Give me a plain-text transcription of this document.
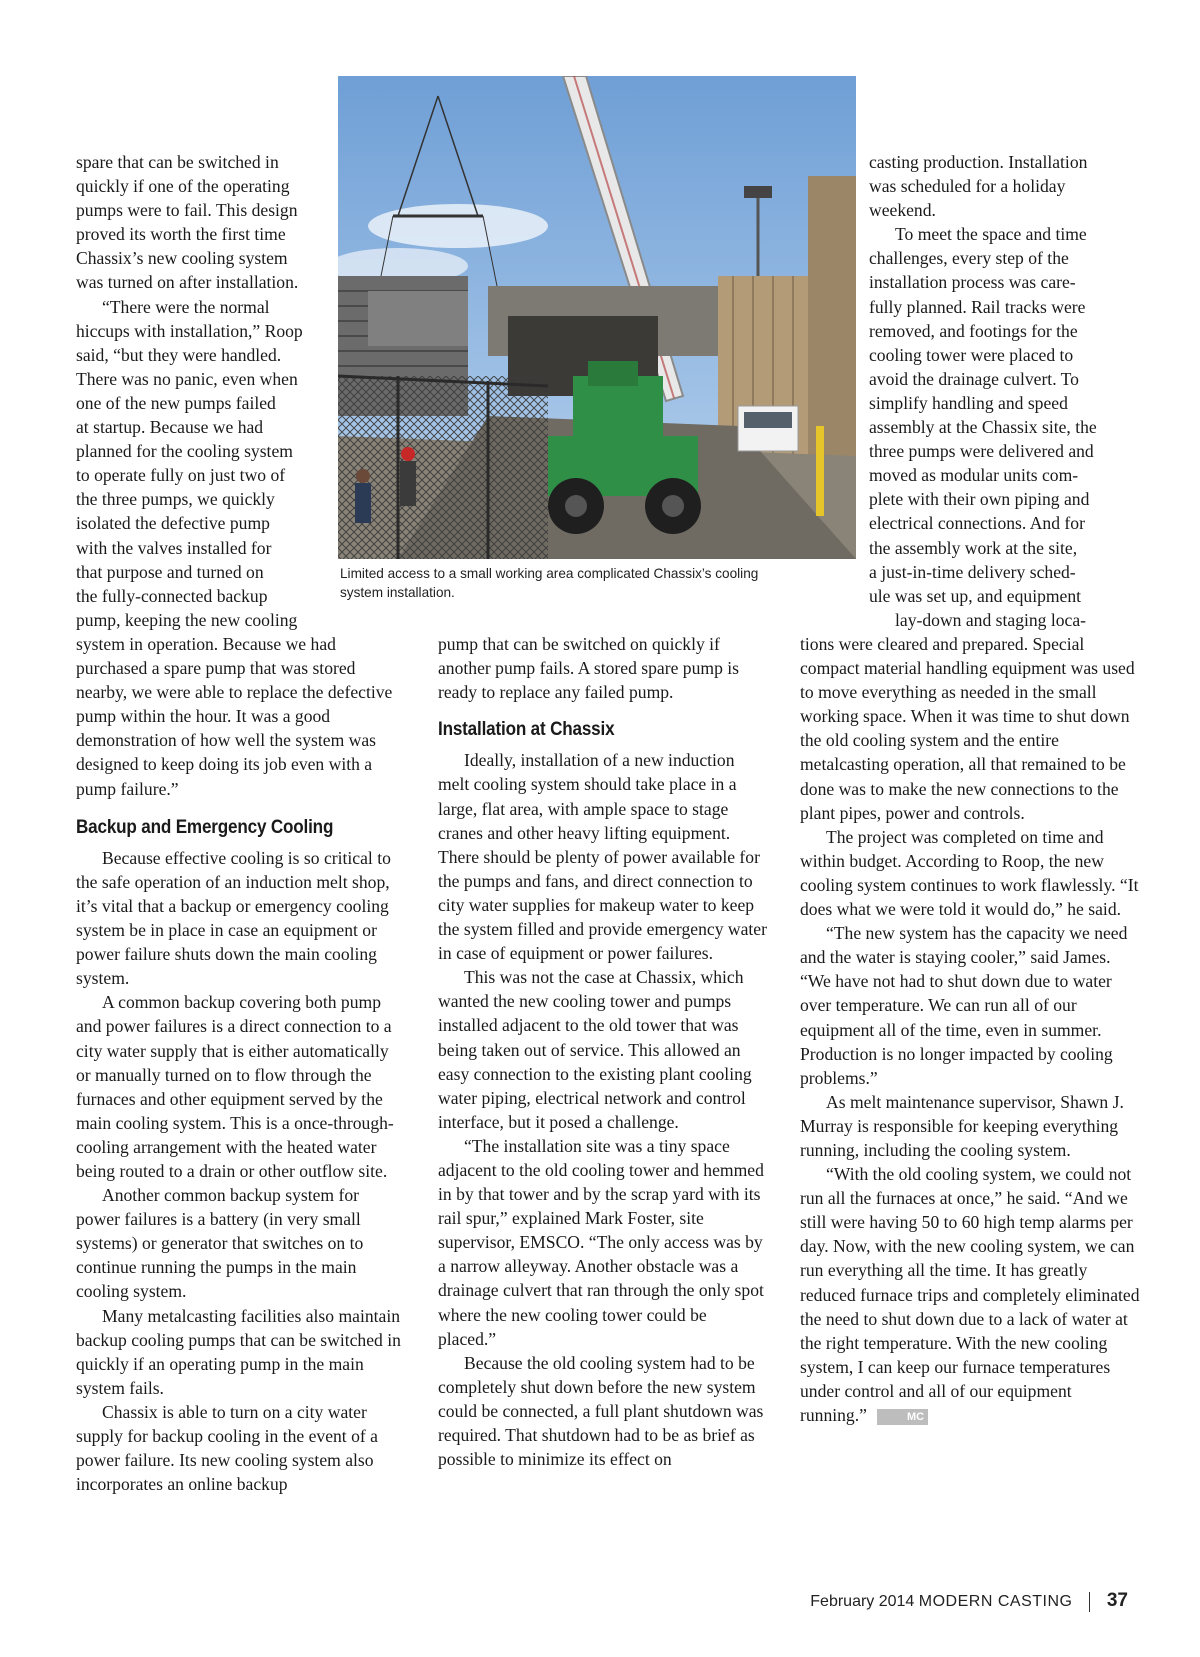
spare that can be switched in
quickly if one of the operating
pumps were to fail. This design
proved its worth the first time
Chassix’s new cooling system
was turned on after installation.
“There were the normal
hiccups with installation,” Roop
said, “but they were handled.
There was no panic, even when
one of the new pumps failed
at startup. Because we had
planned for the cooling system
to operate fully on just two of
the three pumps, we quickly
isolated the defective pump
with the valves installed for
that purpose and turned on
the fully-connected backup
pump, keeping the new cooling
Limited access to a small working area complicated Chassix’s cooling
system installation.
casting production. Installation
was scheduled for a holiday
weekend.
To meet the space and time
challenges, every step of the
installation process was care-
fully planned. Rail tracks were
removed, and footings for the
cooling tower were placed to
avoid the drainage culvert. To
simplify handling and speed
assembly at the Chassix site, the
three pumps were delivered and
moved as modular units com-
plete with their own piping and
electrical connections. And for
the assembly work at the site,
a just-in-time delivery sched-
ule was set up, and equipment
lay-down and staging loca-

system in operation. Because we had purchased a spare pump that was stored nearby, we were able to replace the defective pump within the hour. It was a good demonstration of how well the system was designed to keep doing its job even with a pump failure.”

Backup and Emergency Cooling

Because effective cooling is so critical to the safe operation of an induction melt shop, it’s vital that a backup or emergency cooling system be in place in case an equipment or power failure shuts down the main cooling system.

A common backup covering both pump and power failures is a direct connection to a city water supply that is either automatically or manually turned on to flow through the furnaces and other equipment served by the main cooling system. This is a once-through-cooling arrangement with the heated water being routed to a drain or other outflow site.

Another common backup system for power failures is a battery (in very small systems) or generator that switches on to continue running the pumps in the main cooling system.

Many metalcasting facilities also maintain backup cooling pumps that can be switched in quickly if an operating pump in the main system fails.

Chassix is able to turn on a city water supply for backup cooling in the event of a power failure. Its new cooling system also incorporates an online backup

pump that can be switched on quickly if another pump fails. A stored spare pump is ready to replace any failed pump.

Installation at Chassix

Ideally, installation of a new induction melt cooling system should take place in a large, flat area, with ample space to stage cranes and other heavy lifting equipment. There should be plenty of power available for the pumps and fans, and direct connection to city water supplies for makeup water to keep the system filled and provide emergency water in case of equipment or power failures.

This was not the case at Chassix, which wanted the new cooling tower and pumps installed adjacent to the old tower that was being taken out of service. This allowed an easy connection to the existing plant cooling water piping, electrical network and control interface, but it posed a challenge.

“The installation site was a tiny space adjacent to the old cooling tower and hemmed in by that tower and by the scrap yard with its rail spur,” explained Mark Foster, site supervisor, EMSCO. “The only access was by a narrow alleyway. Another obstacle was a drainage culvert that ran through the only spot where the new cooling tower could be placed.”

Because the old cooling system had to be completely shut down before the new system could be connected, a full plant shutdown was required. That shutdown had to be as brief as possible to minimize its effect on

tions were cleared and prepared. Special compact material handling equipment was used to move everything as needed in the small working space. When it was time to shut down the old cooling system and the entire metalcasting operation, all that remained to be done was to make the new connections to the plant pipes, power and controls.

The project was completed on time and within budget. According to Roop, the new cooling system continues to work flawlessly. “It does what we were told it would do,” he said.

“The new system has the capacity we need and the water is staying cooler,” said James. “We have not had to shut down due to water over temperature. We can run all of our equipment all of the time, even in summer. Production is no longer impacted by cooling problems.”

As melt maintenance supervisor, Shawn J. Murray is responsible for keeping everything running, including the cooling system.

“With the old cooling system, we could not run all the furnaces at once,” he said. “And we still were having 50 to 60 high temp alarms per day. Now, with the new cooling system, we can run everything all the time. It has greatly reduced furnace trips and completely eliminated the need to shut down due to a lack of water at the right temperature. With the new cooling system, I can keep our furnace temperatures under control and all of our equipment running.”	MC

February 2014 MODERN CASTING 37
